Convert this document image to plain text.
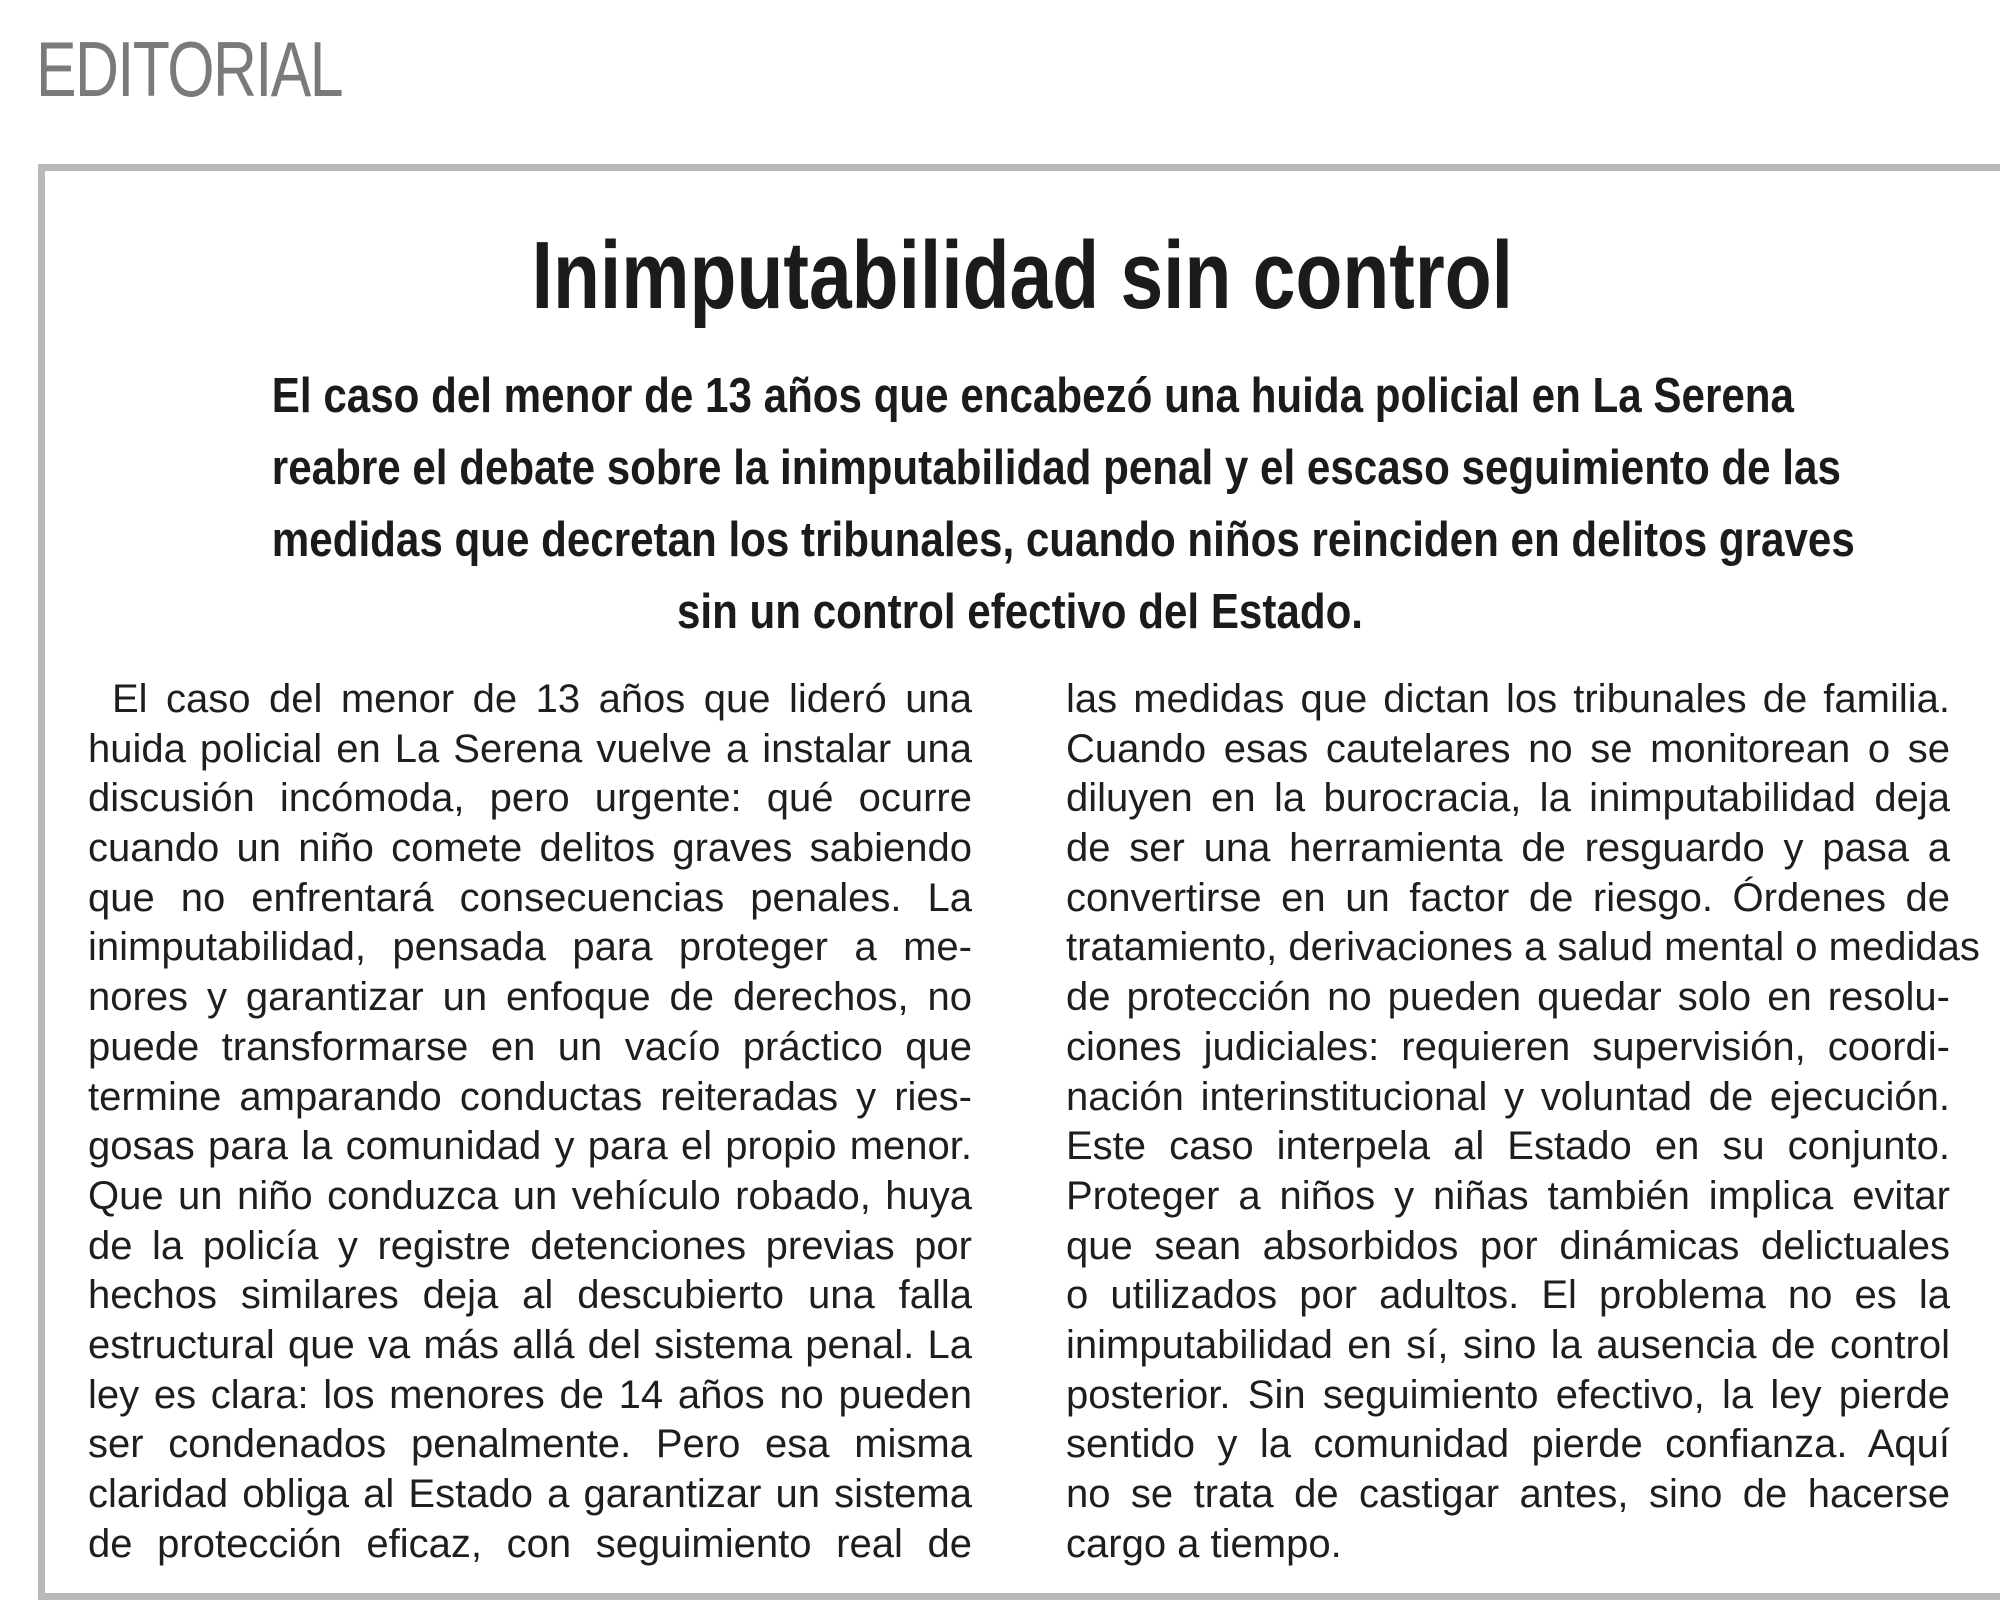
EDITORIAL
Inimputabilidad sin control
El caso del menor de 13 años que encabezó una huida policial en La Serena
reabre el debate sobre la inimputabilidad penal y el escaso seguimiento de las
medidas que decretan los tribunales, cuando niños reinciden en delitos graves
sin un control efectivo del Estado.
El caso del menor de 13 años que lideró una
huida policial en La Serena vuelve a instalar una
discusión incómoda, pero urgente: qué ocurre
cuando un niño comete delitos graves sabiendo
que no enfrentará consecuencias penales. La
inimputabilidad, pensada para proteger a me-
nores y garantizar un enfoque de derechos, no
puede transformarse en un vacío práctico que
termine amparando conductas reiteradas y ries-
gosas para la comunidad y para el propio menor.
Que un niño conduzca un vehículo robado, huya
de la policía y registre detenciones previas por
hechos similares deja al descubierto una falla
estructural que va más allá del sistema penal. La
ley es clara: los menores de 14 años no pueden
ser condenados penalmente. Pero esa misma
claridad obliga al Estado a garantizar un sistema
de protección eficaz, con seguimiento real de
las medidas que dictan los tribunales de familia.
Cuando esas cautelares no se monitorean o se
diluyen en la burocracia, la inimputabilidad deja
de ser una herramienta de resguardo y pasa a
convertirse en un factor de riesgo. Órdenes de
tratamiento, derivaciones a salud mental o medidas
de protección no pueden quedar solo en resolu-
ciones judiciales: requieren supervisión, coordi-
nación interinstitucional y voluntad de ejecución.
Este caso interpela al Estado en su conjunto.
Proteger a niños y niñas también implica evitar
que sean absorbidos por dinámicas delictuales
o utilizados por adultos. El problema no es la
inimputabilidad en sí, sino la ausencia de control
posterior. Sin seguimiento efectivo, la ley pierde
sentido y la comunidad pierde confianza. Aquí
no se trata de castigar antes, sino de hacerse
cargo a tiempo.
